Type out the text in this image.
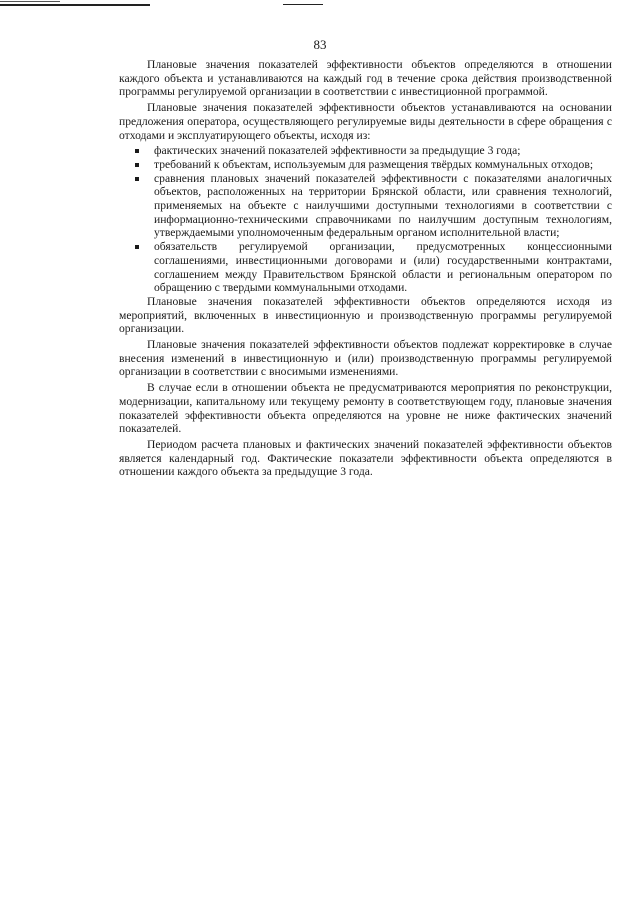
83

Плановые значения показателей эффективности объектов определяются в отношении каждого объекта и устанавливаются на каждый год в течение срока действия производственной программы регулируемой организации в соответствии с инвестиционной программой.

Плановые значения показателей эффективности объектов устанавливаются на основании предложения оператора, осуществляющего регулируемые виды деятельности в сфере обращения с отходами и эксплуатирующего объекты, исходя из:

фактических значений показателей эффективности за предыдущие 3 года;
требований к объектам, используемым для размещения твёрдых коммунальных отходов;
сравнения плановых значений показателей эффективности с показателями аналогичных объектов, расположенных на территории Брянской области, или сравнения технологий, применяемых на объекте с наилучшими доступными технологиями в соответствии с информационно-техническими справочниками по наилучшим доступным технологиям, утверждаемыми уполномоченным федеральным органом исполнительной власти;
обязательств регулируемой организации, предусмотренных концессионными соглашениями, инвестиционными договорами и (или) государственными контрактами, соглашением между Правительством Брянской области и региональным оператором по обращению с твердыми коммунальными отходами.

Плановые значения показателей эффективности объектов определяются исходя из мероприятий, включенных в инвестиционную и производственную программы регулируемой организации.

Плановые значения показателей эффективности объектов подлежат корректировке в случае внесения изменений в инвестиционную и (или) производственную программы регулируемой организации в соответствии с вносимыми изменениями.

В случае если в отношении объекта не предусматриваются мероприятия по реконструкции, модернизации, капитальному или текущему ремонту в соответствующем году, плановые значения показателей эффективности объекта определяются на уровне не ниже фактических значений показателей.

Периодом расчета плановых и фактических значений показателей эффективности объектов является календарный год. Фактические показатели эффективности объекта определяются в отношении каждого объекта за предыдущие 3 года.
